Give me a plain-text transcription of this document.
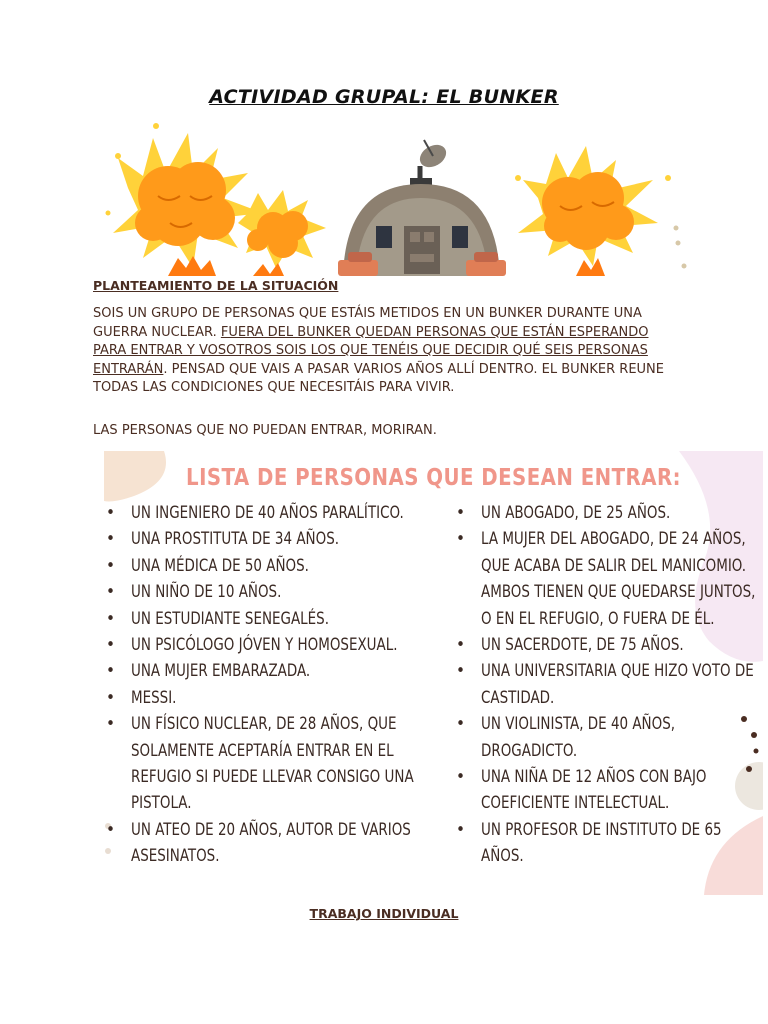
ACTIVIDAD GRUPAL: EL BUNKER
PLANTEAMIENTO DE LA SITUACIÓN
SOIS UN GRUPO DE PERSONAS QUE ESTÁIS METIDOS EN UN BUNKER DURANTE UNA GUERRA NUCLEAR. FUERA DEL BUNKER QUEDAN PERSONAS QUE ESTÁN ESPERANDO PARA ENTRAR Y VOSOTROS SOIS LOS QUE TENÉIS QUE DECIDIR QUÉ SEIS PERSONAS ENTRARÁN. PENSAD QUE VAIS A PASAR VARIOS AÑOS ALLÍ DENTRO. EL BUNKER REUNE TODAS LAS CONDICIONES QUE NECESITÁIS PARA VIVIR.
LAS PERSONAS QUE NO PUEDAN ENTRAR, MORIRAN.
LISTA DE PERSONAS QUE DESEAN ENTRAR:
• UN INGENIERO DE 40 AÑOS PARALÍTICO.
• UNA PROSTITUTA DE 34 AÑOS.
• UNA MÉDICA DE 50 AÑOS.
• UN NIÑO DE 10 AÑOS.
• UN ESTUDIANTE SENEGALÉS.
• UN PSICÓLOGO JÓVEN Y HOMOSEXUAL.
• UNA MUJER EMBARAZADA.
• MESSI.
• UN FÍSICO NUCLEAR, DE 28 AÑOS, QUE SOLAMENTE ACEPTARÍA ENTRAR EN EL REFUGIO SI PUEDE LLEVAR CONSIGO UNA PISTOLA.
• UN ATEO DE 20 AÑOS, AUTOR DE VARIOS ASESINATOS.
• UN ABOGADO, DE 25 AÑOS.
• LA MUJER DEL ABOGADO, DE 24 AÑOS, QUE ACABA DE SALIR DEL MANICOMIO. AMBOS TIENEN QUE QUEDARSE JUNTOS, O EN EL REFUGIO, O FUERA DE ÉL.
• UN SACERDOTE, DE 75 AÑOS.
• UNA UNIVERSITARIA QUE HIZO VOTO DE CASTIDAD.
• UN VIOLINISTA, DE 40 AÑOS, DROGADICTO.
• UNA NIÑA DE 12 AÑOS CON BAJO COEFICIENTE INTELECTUAL.
• UN PROFESOR DE INSTITUTO DE 65 AÑOS.
TRABAJO INDIVIDUAL
